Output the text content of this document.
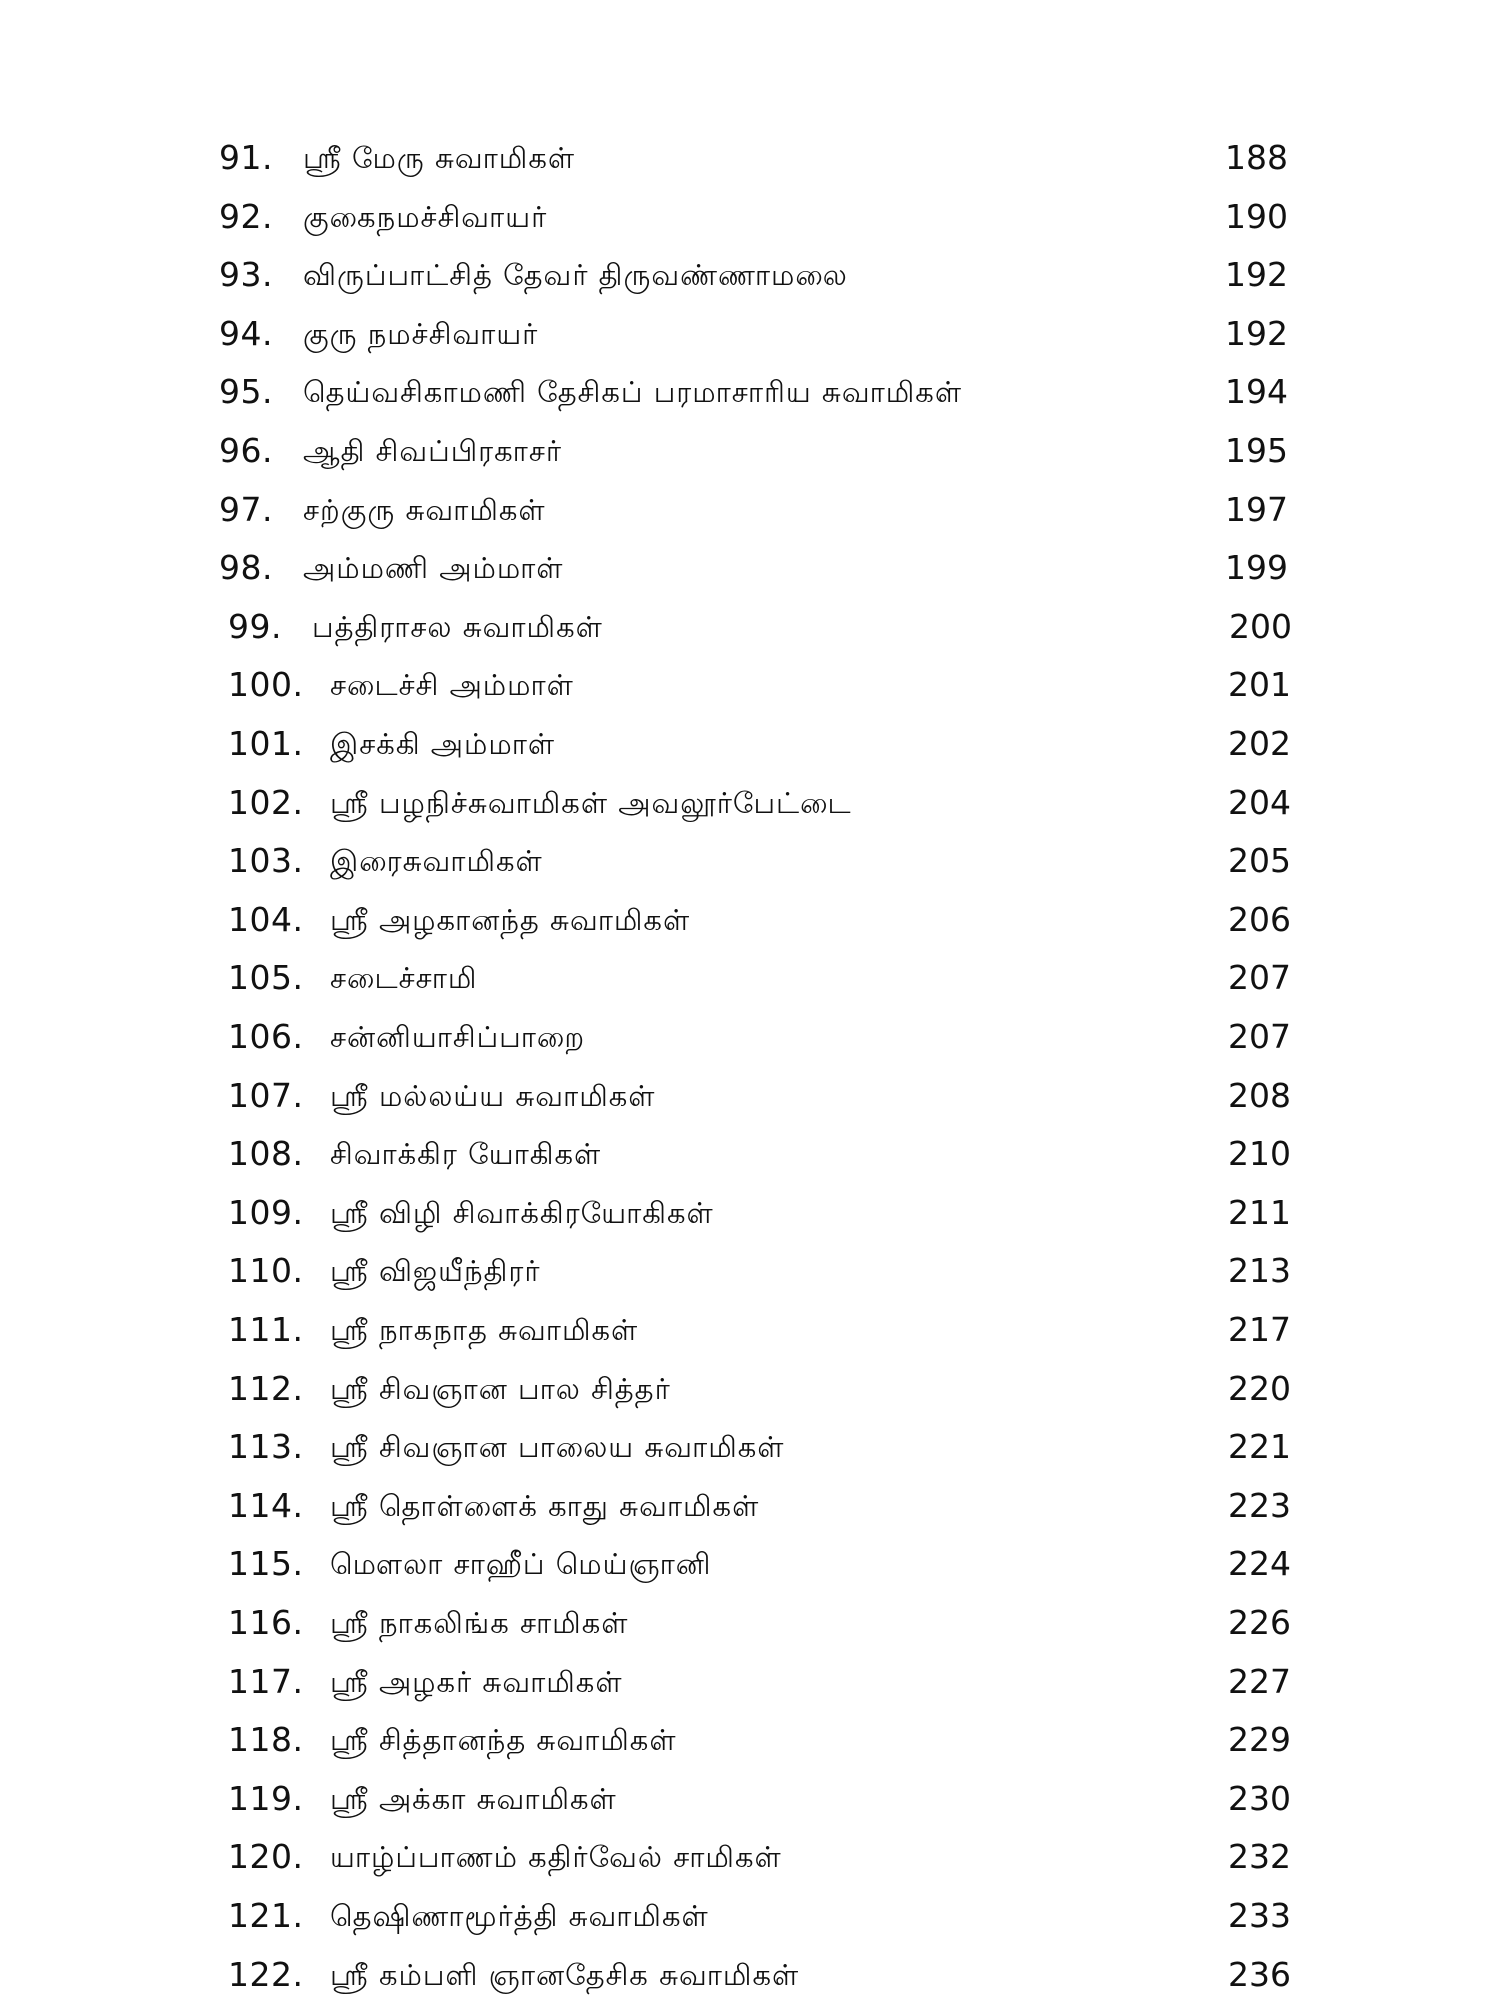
91. ஸ்ரீ மேரு சுவாமிகள்	188
92. குகைநமச்சிவாயர்	190
93. விருப்பாட்சித் தேவர் திருவண்ணாமலை	192
94. குரு நமச்சிவாயர்	192
95. தெய்வசிகாமணி தேசிகப் பரமாசாரிய சுவாமிகள்	194
96. ஆதி சிவப்பிரகாசர்	195
97. சற்குரு சுவாமிகள்	197
98. அம்மணி அம்மாள்	199
99. பத்திராசல சுவாமிகள்	200
100. சடைச்சி அம்மாள்	201
101. இசக்கி அம்மாள்	202
102. ஸ்ரீ பழநிச்சுவாமிகள் அவலூர்பேட்டை	204
103. இரைசுவாமிகள்	205
104. ஸ்ரீ அழகானந்த சுவாமிகள்	206
105. சடைச்சாமி	207
106. சன்னியாசிப்பாறை	207
107. ஸ்ரீ மல்லய்ய சுவாமிகள்	208
108. சிவாக்கிர யோகிகள்	210
109. ஸ்ரீ விழி சிவாக்கிரயோகிகள்	211
110. ஸ்ரீ விஜயீந்திரர்	213
111. ஸ்ரீ நாகநாத சுவாமிகள்	217
112. ஸ்ரீ சிவஞான பால சித்தர்	220
113. ஸ்ரீ சிவஞான பாலைய சுவாமிகள்	221
114. ஸ்ரீ தொள்ளைக் காது சுவாமிகள்	223
115. மௌலா சாஹீப் மெய்ஞானி	224
116. ஸ்ரீ நாகலிங்க சாமிகள்	226
117. ஸ்ரீ அழகர் சுவாமிகள்	227
118. ஸ்ரீ சித்தானந்த சுவாமிகள்	229
119. ஸ்ரீ அக்கா சுவாமிகள்	230
120. யாழ்ப்பாணம் கதிர்வேல் சாமிகள்	232
121. தெஷிணாமூர்த்தி சுவாமிகள்	233
122. ஸ்ரீ கம்பளி ஞானதேசிக சுவாமிகள்	236
